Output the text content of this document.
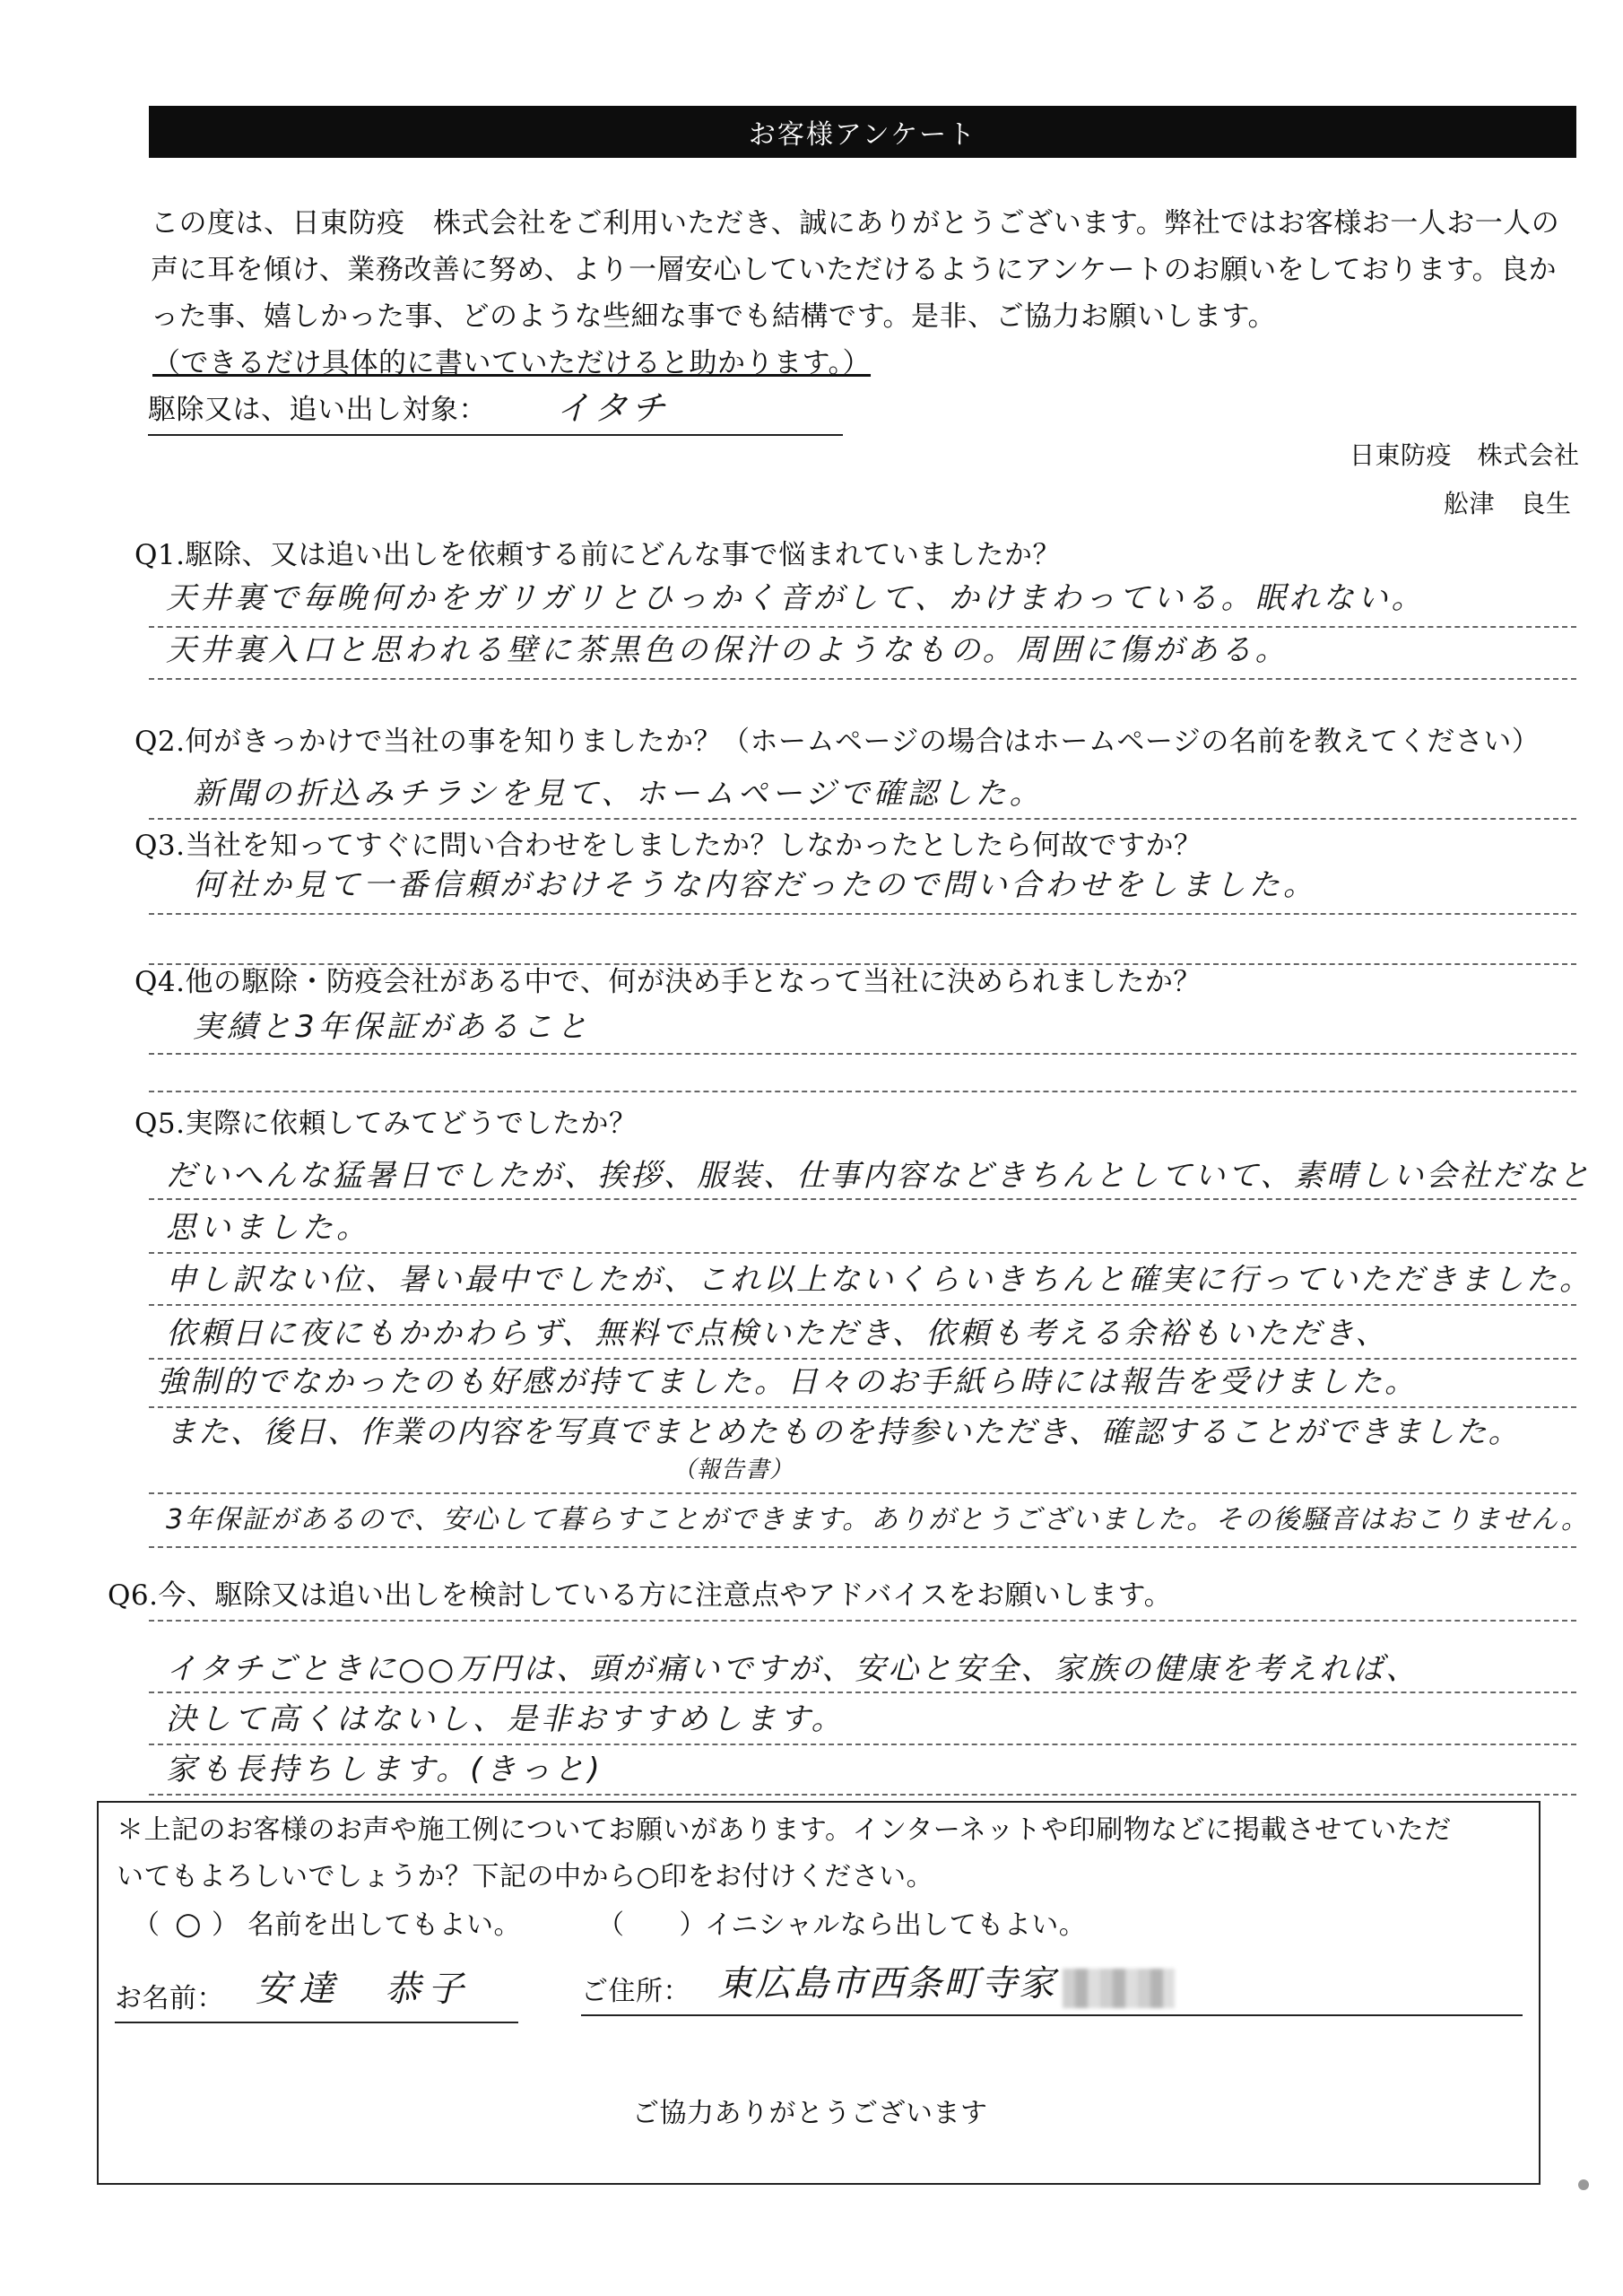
お客様アンケート
この度は、日東防疫　株式会社をご利用いただき、誠にありがとうございます。弊社ではお客様お一人お一人の
声に耳を傾け、業務改善に努め、より一層安心していただけるようにアンケートのお願いをしております。良か
った事、嬉しかった事、どのような些細な事でも結構です。是非、ご協力お願いします。
（できるだけ具体的に書いていただけると助かります。）
駆除又は、追い出し対象： イタチ
日東防疫　株式会社
舩津　良生
Q1.駆除、又は追い出しを依頼する前にどんな事で悩まれていましたか？
天井裏で毎晩何かをガリガリとひっかく音がして、かけまわっている。眠れない。
天井裏入口と思われる壁に茶黒色の保汁のようなもの。周囲に傷がある。
Q2.何がきっかけで当社の事を知りましたか？（ホームページの場合はホームページの名前を教えてください）
新聞の折込みチラシを見て、ホームページで確認した。
Q3.当社を知ってすぐに問い合わせをしましたか？しなかったとしたら何故ですか？
何社か見て一番信頼がおけそうな内容だったので問い合わせをしました。
Q4.他の駆除・防疫会社がある中で、何が決め手となって当社に決められましたか？
実績と3年保証があること
Q5.実際に依頼してみてどうでしたか？
だいへんな猛暑日でしたが、挨拶、服装、仕事内容などきちんとしていて、素晴しい会社だなと
思いました。
申し訳ない位、暑い最中でしたが、これ以上ないくらいきちんと確実に行っていただきました。
依頼日に夜にもかかわらず、無料で点検いただき、依頼も考える余裕もいただき、
強制的でなかったのも好感が持てました。日々のお手紙ら時には報告を受けました。
また、後日、作業の内容を写真でまとめたものを持参いただき、確認することができました。
（報告書）
3年保証があるので、安心して暮らすことができます。ありがとうございました。その後騒音はおこりません。
Q6.今、駆除又は追い出しを検討している方に注意点やアドバイスをお願いします。
イタチごときに○○万円は、頭が痛いですが、安心と安全、家族の健康を考えれば、
決して高くはないし、是非おすすめします。
家も長持ちします。(きっと)
＊上記のお客様のお声や施工例についてお願いがあります。インターネットや印刷物などに掲載させていただ
いてもよろしいでしょうか？下記の中から○印をお付けください。
（ ○ ） 名前を出してもよい。	（　　）
イニシャルなら出してもよい。
お名前： 安達　恭子	ご住所： 東広島市西条町寺家
ご協力ありがとうございます
